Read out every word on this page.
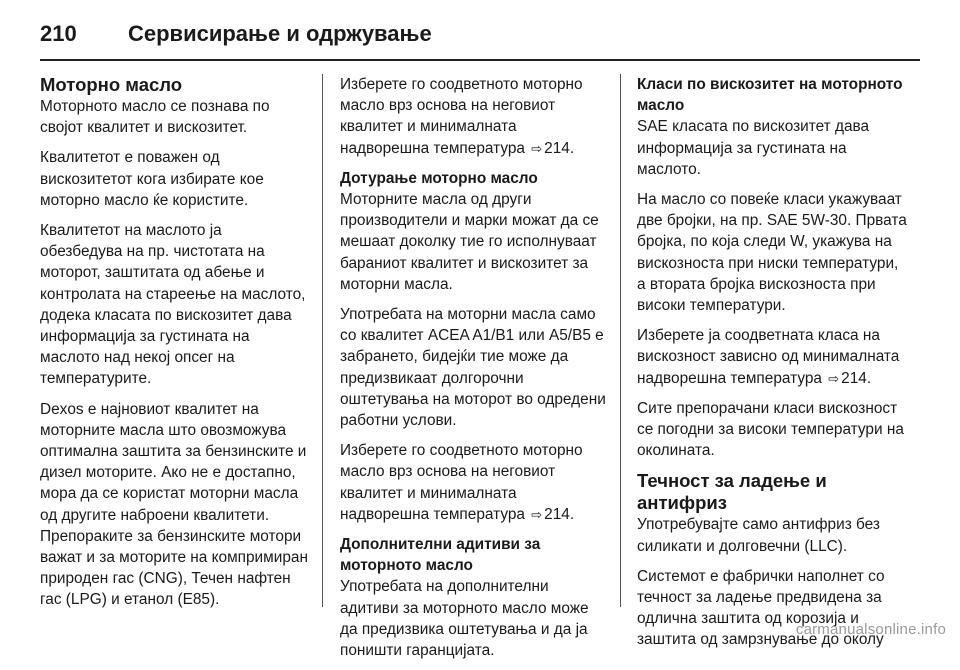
210	Сервисирање и одржување
Моторно масло

Моторното масло се познава по својот квалитет и вискозитет.

Квалитетот е поважен од вискозитетот кога избирате кое моторно масло ќе користите.

Квалитетот на маслото ја обезбедува на пр. чистотата на моторот, заштитата од абење и контролата на стареење на маслото, додека класата по вискозитет дава информација за густината на маслото над некој опсег на температурите.

Dexos е најновиот квалитет на моторните масла што овозможува оптимална заштита за бензинските и дизел моторите. Ако не е достапно, мора да се користат моторни масла од другите наброени квалитети. Препораките за бензинските мотори важат и за моторите на компримиран природен гас (CNG), Течен нафтен гас (LPG) и етанол (E85).

Изберете го соодветното моторно масло врз основа на неговиот квалитет и минималната надворешна температура ⇨ 214.

Дотурање моторно масло

Моторните масла од други производители и марки можат да се мешаат доколку тие го исполнуваат бараниот квалитет и вискозитет за моторни масла.

Употребата на моторни масла само со квалитет ACEA A1/B1 или A5/B5 е забрането, бидејќи тие може да предизвикаат долгорочни оштетувања на моторот во одредени работни услови.

Изберете го соодветното моторно масло врз основа на неговиот квалитет и минималната надворешна температура ⇨ 214.

Дополнителни адитиви за моторното масло

Употребата на дополнителни адитиви за моторното масло може да предизвика оштетувања и да ја поништи гаранцијата.

Класи по вискозитет на моторното масло

SAE класата по вискозитет дава информација за густината на маслото.

На масло со повеќе класи укажуваат две бројки, на пр. SAE 5W-30. Првата бројка, по која следи W, укажува на вискозноста при ниски температури, а втората бројка вискозноста при високи температури.

Изберете ја соодветната класа на вискозност зависно од минималната надворешна температура ⇨ 214.

Сите препорачани класи вискозност се погодни за високи температури на околината.

Течност за ладење и антифриз

Употребувајте само антифриз без силикати и долговечни (LLC).

Системот е фабрички наполнет со течност за ладење предвидена за одлична заштита од корозија и заштита од замрзнување до околу

carmanualsonline.info
